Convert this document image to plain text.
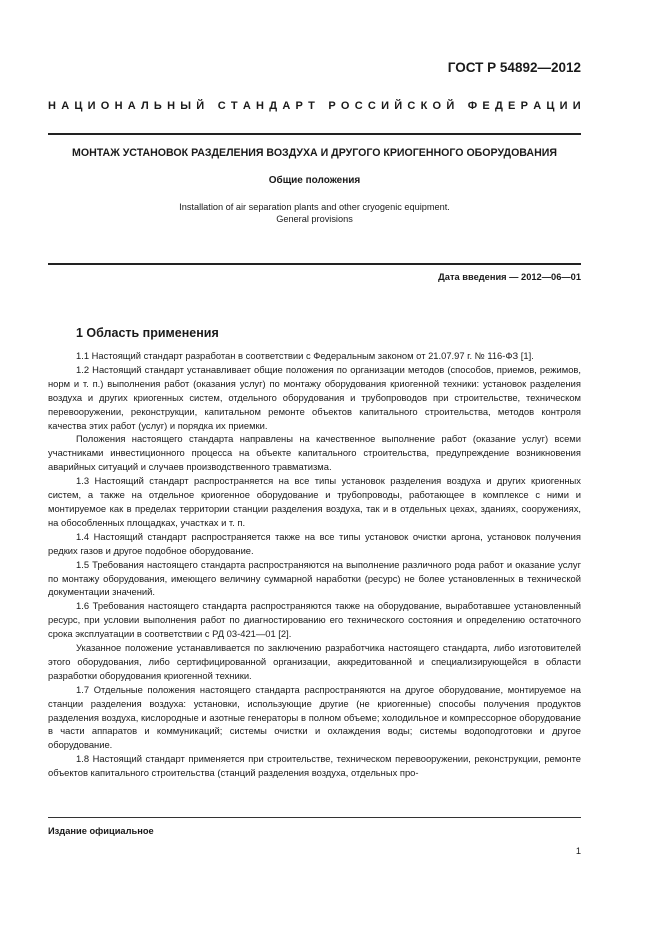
ГОСТ Р 54892—2012
Н А Ц И О Н А Л Ь Н Ы Й
С Т А Н Д А Р Т
Р О С С И Й С К О Й
Ф Е Д Е Р А Ц И И
МОНТАЖ УСТАНОВОК РАЗДЕЛЕНИЯ ВОЗДУХА И ДРУГОГО КРИОГЕННОГО ОБОРУДОВАНИЯ
Общие положения
Installation of air separation plants and other cryogenic equipment.
General provisions
Дата введения — 2012—06—01
1 Область применения

1.1 Настоящий стандарт разработан в соответствии с Федеральным законом от 21.07.97 г. № 116-ФЗ [1].

1.2 Настоящий стандарт устанавливает общие положения по организации методов (способов, приемов, режимов, норм и т. п.) выполнения работ (оказания услуг) по монтажу оборудования криогенной техники: установок разделения воздуха и других криогенных систем, отдельного оборудования и трубопроводов при строительстве, техническом перевооружении, реконструкции, капитальном ремонте объектов капитального строительства, методов контроля качества этих работ (услуг) и порядка их приемки.

Положения настоящего стандарта направлены на качественное выполнение работ (оказание услуг) всеми участниками инвестиционного процесса на объекте капитального строительства, предупреждение возникновения аварийных ситуаций и случаев производственного травматизма.

1.3 Настоящий стандарт распространяется на все типы установок разделения воздуха и других криогенных систем, а также на отдельное криогенное оборудование и трубопроводы, работающее в комплексе с ними и монтируемое как в пределах территории станции разделения воздуха, так и в отдельных цехах, зданиях, сооружениях, на обособленных площадках, участках и т. п.

1.4 Настоящий стандарт распространяется также на все типы установок очистки аргона, установок получения редких газов и другое подобное оборудование.

1.5 Требования настоящего стандарта распространяются на выполнение различного рода работ и оказание услуг по монтажу оборудования, имеющего величину суммарной наработки (ресурс) не более установленных в технической документации значений.

1.6 Требования настоящего стандарта распространяются также на оборудование, выработавшее установленный ресурс, при условии выполнения работ по диагностированию его технического состояния и определению остаточного срока эксплуатации в соответствии с РД 03-421—01 [2].

Указанное положение устанавливается по заключению разработчика настоящего стандарта, либо изготовителей этого оборудования, либо сертифицированной организации, аккредитованной и специализирующейся в области разработки оборудования криогенной техники.

1.7 Отдельные положения настоящего стандарта распространяются на другое оборудование, монтируемое на станции разделения воздуха: установки, использующие другие (не криогенные) способы получения продуктов разделения воздуха, кислородные и азотные генераторы в полном объеме; холодильное и компрессорное оборудование в части аппаратов и коммуникаций; системы очистки и охлаждения воды; системы водоподготовки и другое оборудование.

1.8 Настоящий стандарт применяется при строительстве, техническом перевооружении, реконструкции, ремонте объектов капитального строительства (станций разделения воздуха, отдельных про-

Издание официальное
1
